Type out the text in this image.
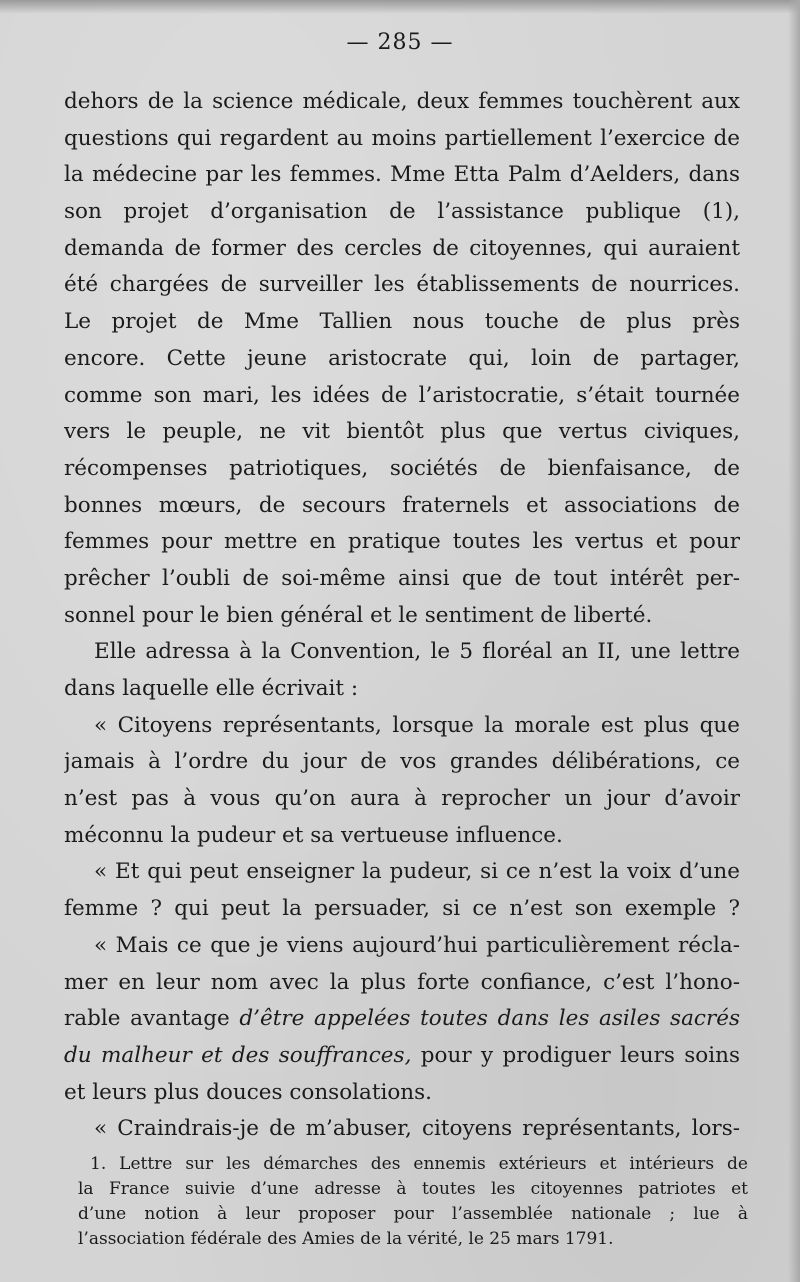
— 285 —
dehors de la science médicale, deux femmes touchèrent aux
questions qui regardent au moins partiellement l’exercice de
la médecine par les femmes. Mme Etta Palm d’Aelders, dans
son projet d’organisation de l’assistance publique (1),
demanda de former des cercles de citoyennes, qui auraient
été chargées de surveiller les établissements de nourrices.
Le projet de Mme Tallien nous touche de plus près
encore. Cette jeune aristocrate qui, loin de partager,
comme son mari, les idées de l’aristocratie, s’était tournée
vers le peuple, ne vit bientôt plus que vertus civiques,
récompenses patriotiques, sociétés de bienfaisance, de
bonnes mœurs, de secours fraternels et associations de
femmes pour mettre en pratique toutes les vertus et pour
prêcher l’oubli de soi-même ainsi que de tout intérêt per-
sonnel pour le bien général et le sentiment de liberté.
Elle adressa à la Convention, le 5 floréal an II, une lettre
dans laquelle elle écrivait :
« Citoyens représentants, lorsque la morale est plus que
jamais à l’ordre du jour de vos grandes délibérations, ce
n’est pas à vous qu’on aura à reprocher un jour d’avoir
méconnu la pudeur et sa vertueuse influence.
« Et qui peut enseigner la pudeur, si ce n’est la voix d’une
femme ? qui peut la persuader, si ce n’est son exemple ?
« Mais ce que je viens aujourd’hui particulièrement récla-
mer en leur nom avec la plus forte confiance, c’est l’hono-
rable avantage d’être appelées toutes dans les asiles sacrés
du malheur et des souffrances, pour y prodiguer leurs soins
et leurs plus douces consolations.
« Craindrais-je de m’abuser, citoyens représentants, lors-
1. Lettre sur les démarches des ennemis extérieurs et intérieurs de
la France suivie d’une adresse à toutes les citoyennes patriotes et
d’une notion à leur proposer pour l’assemblée nationale ; lue à
l’association fédérale des Amies de la vérité, le 25 mars 1791.
